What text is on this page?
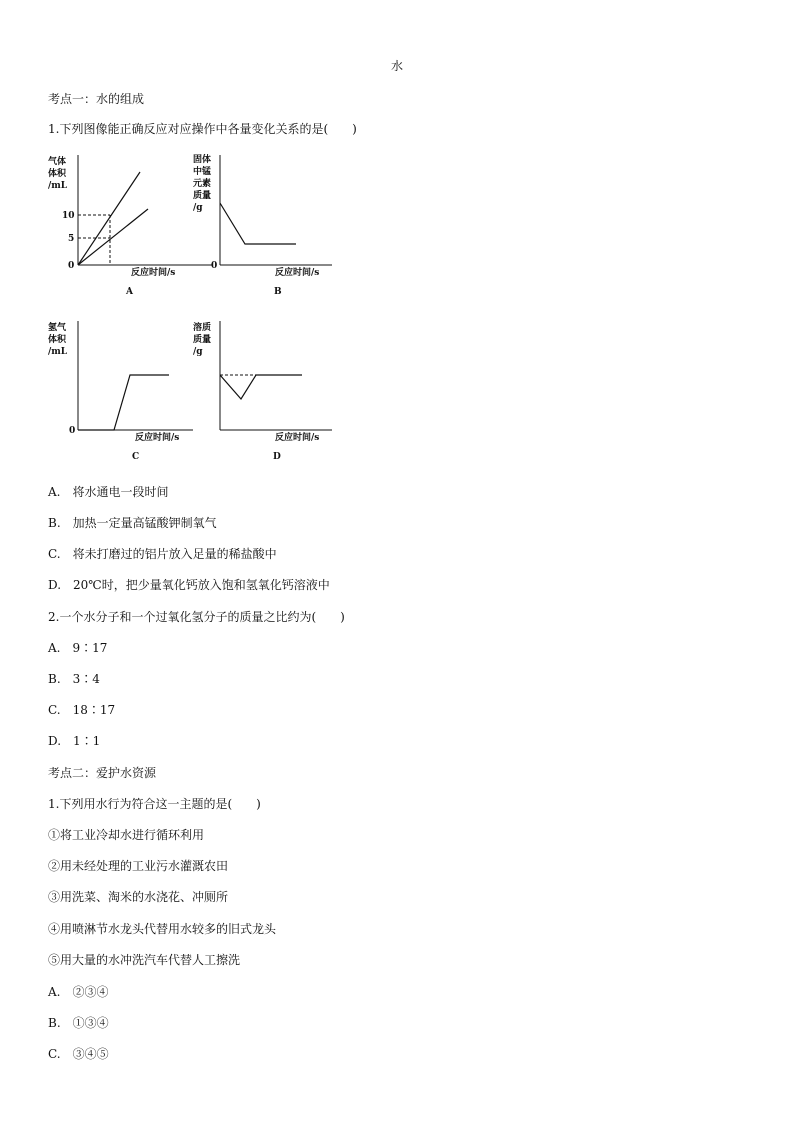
水
考点一：水的组成
1.下列图像能正确反应对应操作中各量变化关系的是(　　)
气体
体积
/mL
10
5
0
反应时间/s
A
固体
中锰
元素
质量
/g
0
反应时间/s
B
氢气
体积
/mL
0
反应时间/s
C
溶质
质量
/g
反应时间/s
D
A.　将水通电一段时间
B.　加热一定量高锰酸钾制氧气
C.　将未打磨过的铝片放入足量的稀盐酸中
D.　20℃时，把少量氧化钙放入饱和氢氧化钙溶液中
2.一个水分子和一个过氧化氢分子的质量之比约为(　　)
A.　9∶17
B.　3∶4
C.　18∶17
D.　1∶1
考点二：爱护水资源
1.下列用水行为符合这一主题的是(　　)
①将工业冷却水进行循环利用
②用未经处理的工业污水灌溉农田
③用洗菜、淘米的水浇花、冲厕所
④用喷淋节水龙头代替用水较多的旧式龙头
⑤用大量的水冲洗汽车代替人工擦洗
A.　②③④
B.　①③④
C.　③④⑤
